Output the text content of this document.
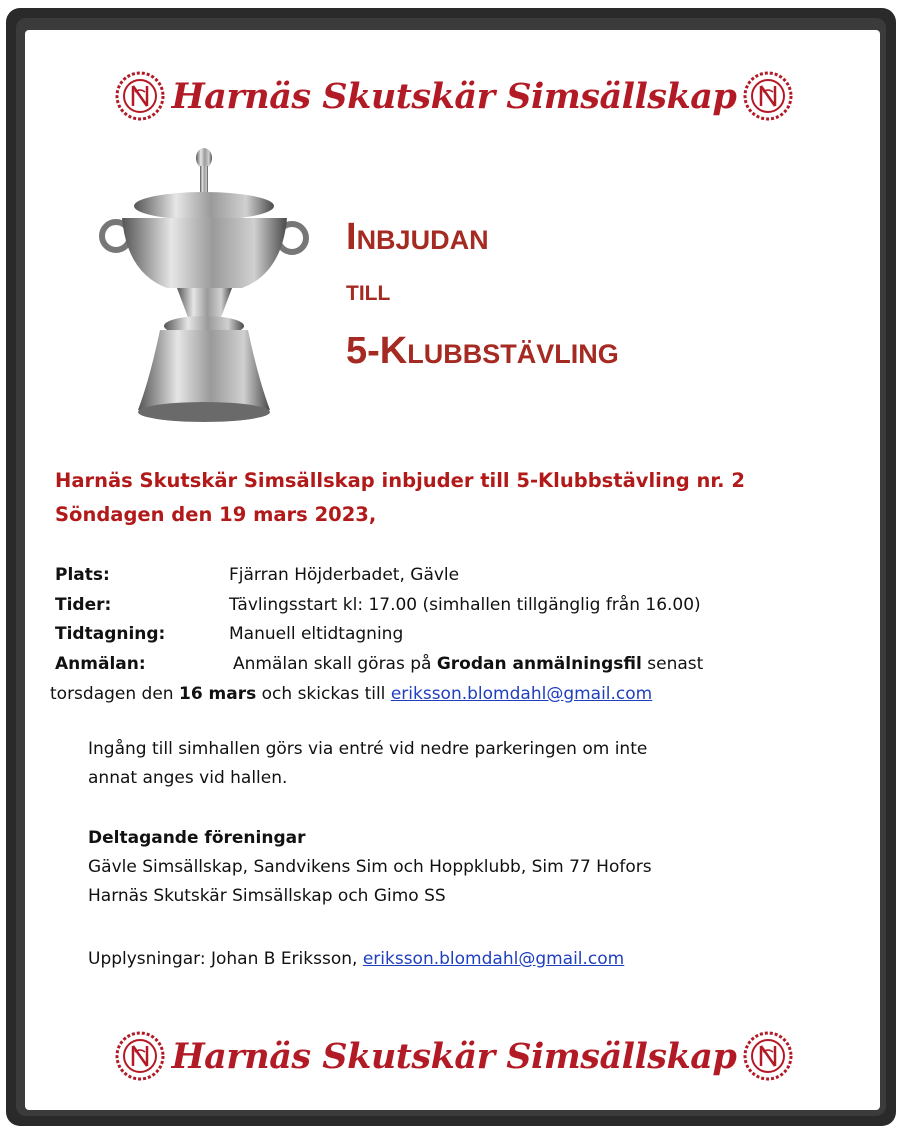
Harnäs Skutskär Simsällskap
INBJUDAN
TILL
5-KLUBBSTÄVLING
Harnäs Skutskär Simsällskap inbjuder till 5-Klubbstävling nr. 2
Söndagen den 19 mars 2023,
Plats:	Fjärran Höjderbadet, Gävle
Tider:	Tävlingsstart kl: 17.00 (simhallen tillgänglig från 16.00)
Tidtagning:	Manuell eltidtagning
Anmälan:	Anmälan skall göras på Grodan anmälningsfil senast
torsdagen den 16 mars och skickas till eriksson.blomdahl@gmail.com
Ingång till simhallen görs via entré vid nedre parkeringen om inte
annat anges vid hallen.
Deltagande föreningar
Gävle Simsällskap, Sandvikens Sim och Hoppklubb, Sim 77 Hofors
Harnäs Skutskär Simsällskap och Gimo SS
Upplysningar: Johan B Eriksson, eriksson.blomdahl@gmail.com
Harnäs Skutskär Simsällskap
